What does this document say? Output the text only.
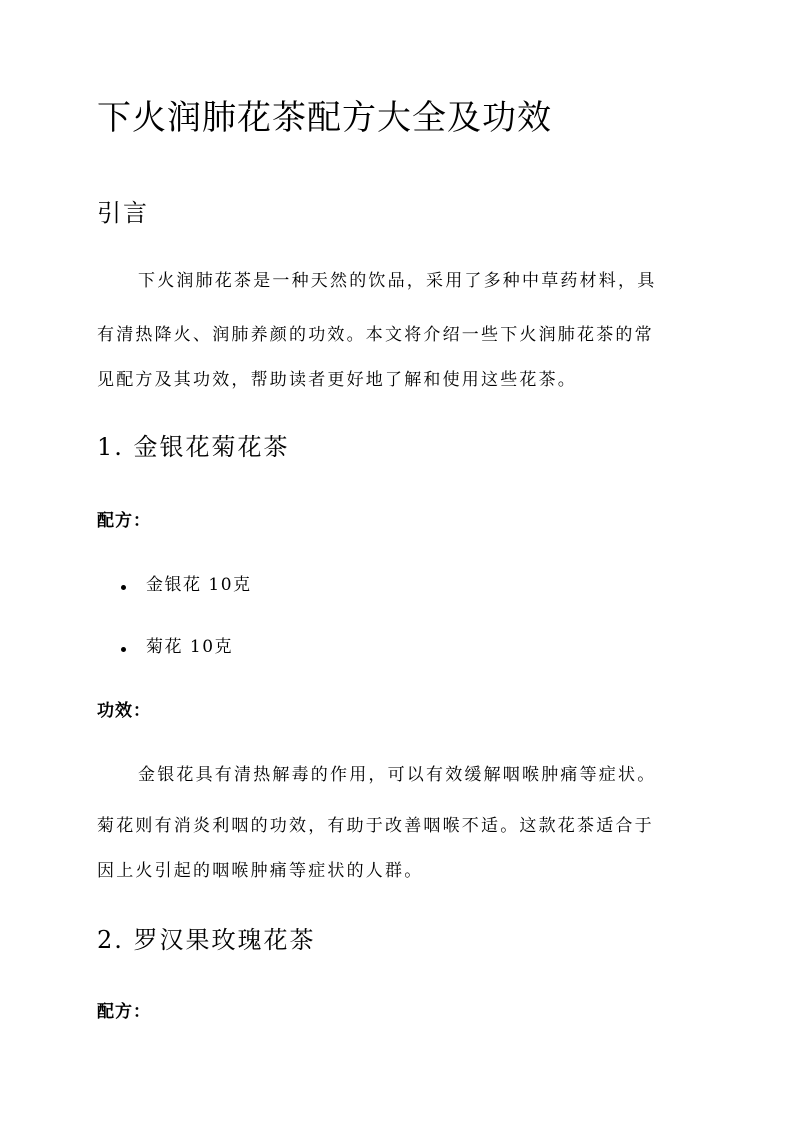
下火润肺花茶配方大全及功效
引言
下火润肺花茶是一种天然的饮品，采用了多种中草药材料，具
有清热降火、润肺养颜的功效。本文将介绍一些下火润肺花茶的常
见配方及其功效，帮助读者更好地了解和使用这些花茶。
1. 金银花菊花茶
配方：
金银花 10克
菊花 10克
功效：
金银花具有清热解毒的作用，可以有效缓解咽喉肿痛等症状。
菊花则有消炎利咽的功效，有助于改善咽喉不适。这款花茶适合于
因上火引起的咽喉肿痛等症状的人群。
2. 罗汉果玫瑰花茶
配方：
